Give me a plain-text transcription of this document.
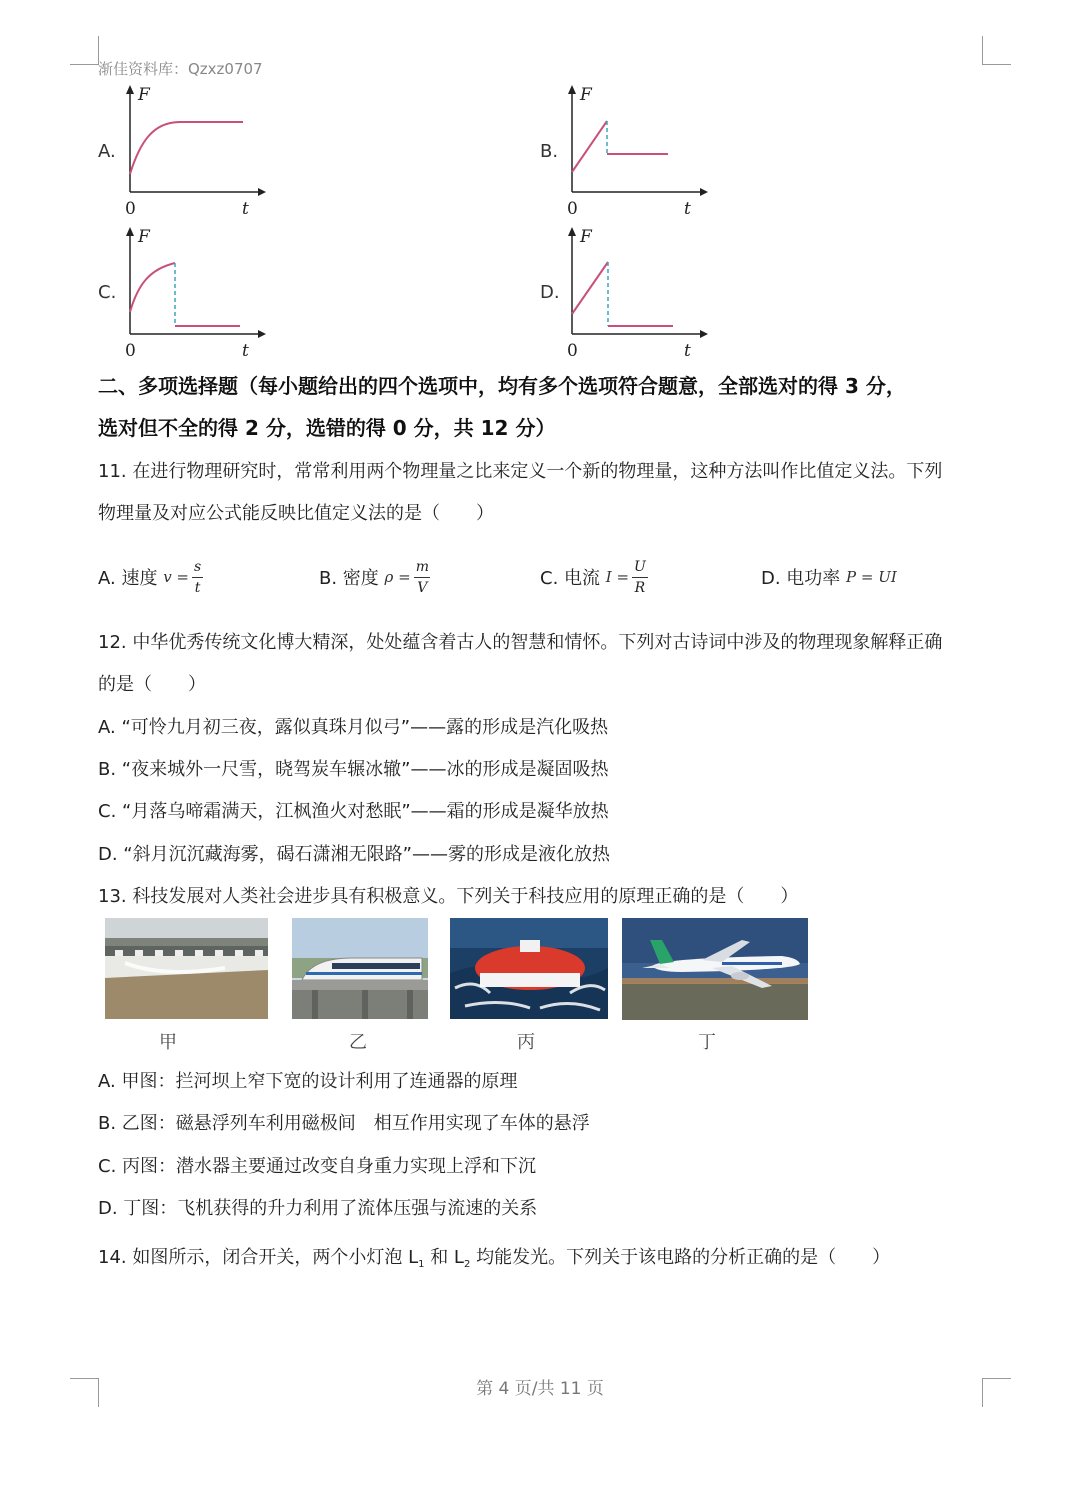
渐佳资料库：Qzxz0707
A.
F
t
0
B.
F
t
0
C.
F
t
0
D.
F
t
0
二、多项选择题（每小题给出的四个选项中，均有多个选项符合题意，全部选对的得 3 分，
选对但不全的得 2 分，选错的得 0 分，共 12 分）
11. 在进行物理研究时，常常利用两个物理量之比来定义一个新的物理量，这种方法叫作比值定义法。下列
物理量及对应公式能反映比值定义法的是（　　）
A. 速度
$v = \frac{s}{t}$	B. 密度
$\rho = \frac{m}{V}$	C. 电流
$I = \frac{U}{R}$	D. 电功率
P = UI
12. 中华优秀传统文化博大精深，处处蕴含着古人的智慧和情怀。下列对古诗词中涉及的物理现象解释正确
的是（　　）
A. “可怜九月初三夜，露似真珠月似弓”——露的形成是汽化吸热
B. “夜来城外一尺雪，晓驾炭车辗冰辙”——冰的形成是凝固吸热
C. “月落乌啼霜满天，江枫渔火对愁眠”——霜的形成是凝华放热
D. “斜月沉沉藏海雾，碣石潇湘无限路”——雾的形成是液化放热
13. 科技发展对人类社会进步具有积极意义。下列关于科技应用的原理正确的是（　　）
甲	乙	丙	丁
A. 甲图：拦河坝上窄下宽的设计利用了连通器的原理
B. 乙图：磁悬浮列车利用磁极间　相互作用实现了车体的悬浮
C. 丙图：潜水器主要通过改变自身重力实现上浮和下沉
D. 丁图：飞机获得的升力利用了流体压强与流速的关系
14. 如图所示，闭合开关，两个小灯泡 $L_1$ 和 $L_2$ 均能发光。下列关于该电路的分析正确的是（　　）
第 4 页/共 11 页
